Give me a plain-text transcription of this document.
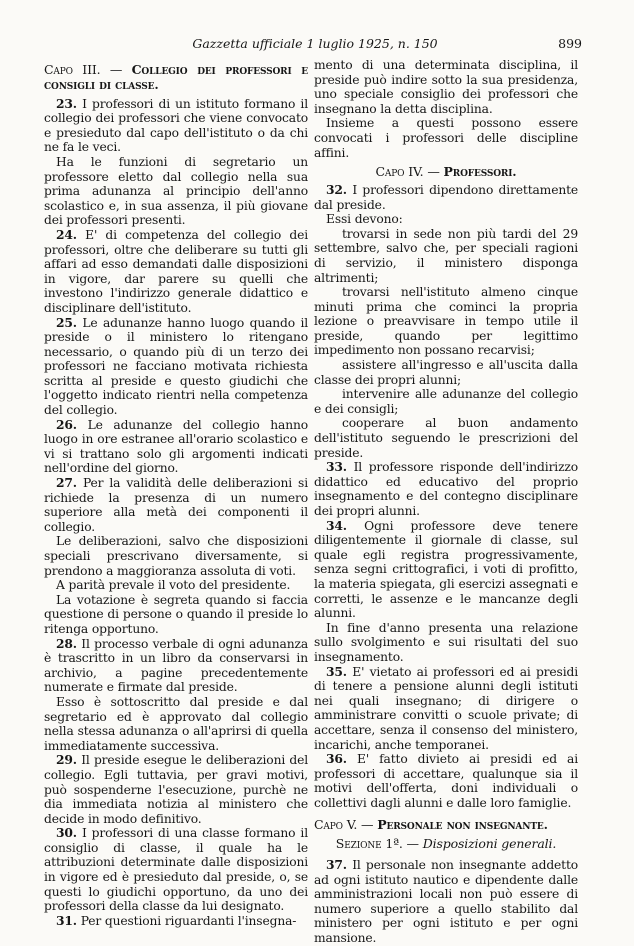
Gazzetta ufficiale 1 luglio 1925, n. 150	899
Capo III. — Collegio dei professori e consigli di classe.

23. I professori di un istituto formano il collegio dei professori che viene convocato e presieduto dal capo dell'istituto o da chi ne fa le veci.

Ha le funzioni di segretario un professore eletto dal collegio nella sua prima adunanza al principio dell'anno scolastico e, in sua assenza, il più giovane dei professori presenti.

24. E' di competenza del collegio dei professori, oltre che deliberare su tutti gli affari ad esso demandati dalle disposizioni in vigore, dar parere su quelli che investono l'indirizzo generale didattico e disciplinare dell'istituto.

25. Le adunanze hanno luogo quando il preside o il ministero lo ritengano necessario, o quando più di un terzo dei professori ne facciano motivata richiesta scritta al preside e questo giudichi che l'oggetto indicato rientri nella competenza del collegio.

26. Le adunanze del collegio hanno luogo in ore estranee all'orario scolastico e vi si trattano solo gli argomenti indicati nell'ordine del giorno.

27. Per la validità delle deliberazioni si richiede la presenza di un numero superiore alla metà dei componenti il collegio.

Le deliberazioni, salvo che disposizioni speciali prescrivano diversamente, si prendono a maggioranza assoluta di voti.

A parità prevale il voto del presidente.

La votazione è segreta quando si faccia questione di persone o quando il preside lo ritenga opportuno.

28. Il processo verbale di ogni adunanza è trascritto in un libro da conservarsi in archivio, a pagine precedentemente numerate e firmate dal preside.

Esso è sottoscritto dal preside e dal segretario ed è approvato dal collegio nella stessa adunanza o all'aprirsi di quella immediatamente successiva.

29. Il preside esegue le deliberazioni del collegio. Egli tuttavia, per gravi motivi, può sospenderne l'esecuzione, purchè ne dia immediata notizia al ministero che decide in modo definitivo.

30. I professori di una classe formano il consiglio di classe, il quale ha le attribuzioni determinate dalle disposizioni in vigore ed è presieduto dal preside, o, se questi lo giudichi opportuno, da uno dei professori della classe da lui designato.

31. Per questioni riguardanti l'insegna-

mento di una determinata disciplina, il preside può indire sotto la sua presidenza, uno speciale consiglio dei professori che insegnano la detta disciplina.

Insieme a questi possono essere convocati i professori delle discipline affini.

Capo IV. — Professori.

32. I professori dipendono direttamente dal preside.

Essi devono:

trovarsi in sede non più tardi del 29 settembre, salvo che, per speciali ragioni di servizio, il ministero disponga altrimenti;

trovarsi nell'istituto almeno cinque minuti prima che cominci la propria lezione o preavvisare in tempo utile il preside, quando per legittimo impedimento non possano recarvisi;

assistere all'ingresso e all'uscita dalla classe dei propri alunni;

intervenire alle adunanze del collegio e dei consigli;

cooperare al buon andamento dell'istituto seguendo le prescrizioni del preside.

33. Il professore risponde dell'indirizzo didattico ed educativo del proprio insegnamento e del contegno disciplinare dei propri alunni.

34. Ogni professore deve tenere diligentemente il giornale di classe, sul quale egli registra progressivamente, senza segni crittografici, i voti di profitto, la materia spiegata, gli esercizi assegnati e corretti, le assenze e le mancanze degli alunni.

In fine d'anno presenta una relazione sullo svolgimento e sui risultati del suo insegnamento.

35. E' vietato ai professori ed ai presidi di tenere a pensione alunni degli istituti nei quali insegnano; di dirigere o amministrare convitti o scuole private; di accettare, senza il consenso del ministero, incarichi, anche temporanei.

36. E' fatto divieto ai presidi ed ai professori di accettare, qualunque sia il motivi dell'offerta, doni individuali o collettivi dagli alunni e dalle loro famiglie.

Capo V. — Personale non insegnante.
Sezione 1ª. — Disposizioni generali.

37. Il personale non insegnante addetto ad ogni istituto nautico e dipendente dalle amministrazioni locali non può essere di numero superiore a quello stabilito dal ministero per ogni istituto e per ogni mansione.
